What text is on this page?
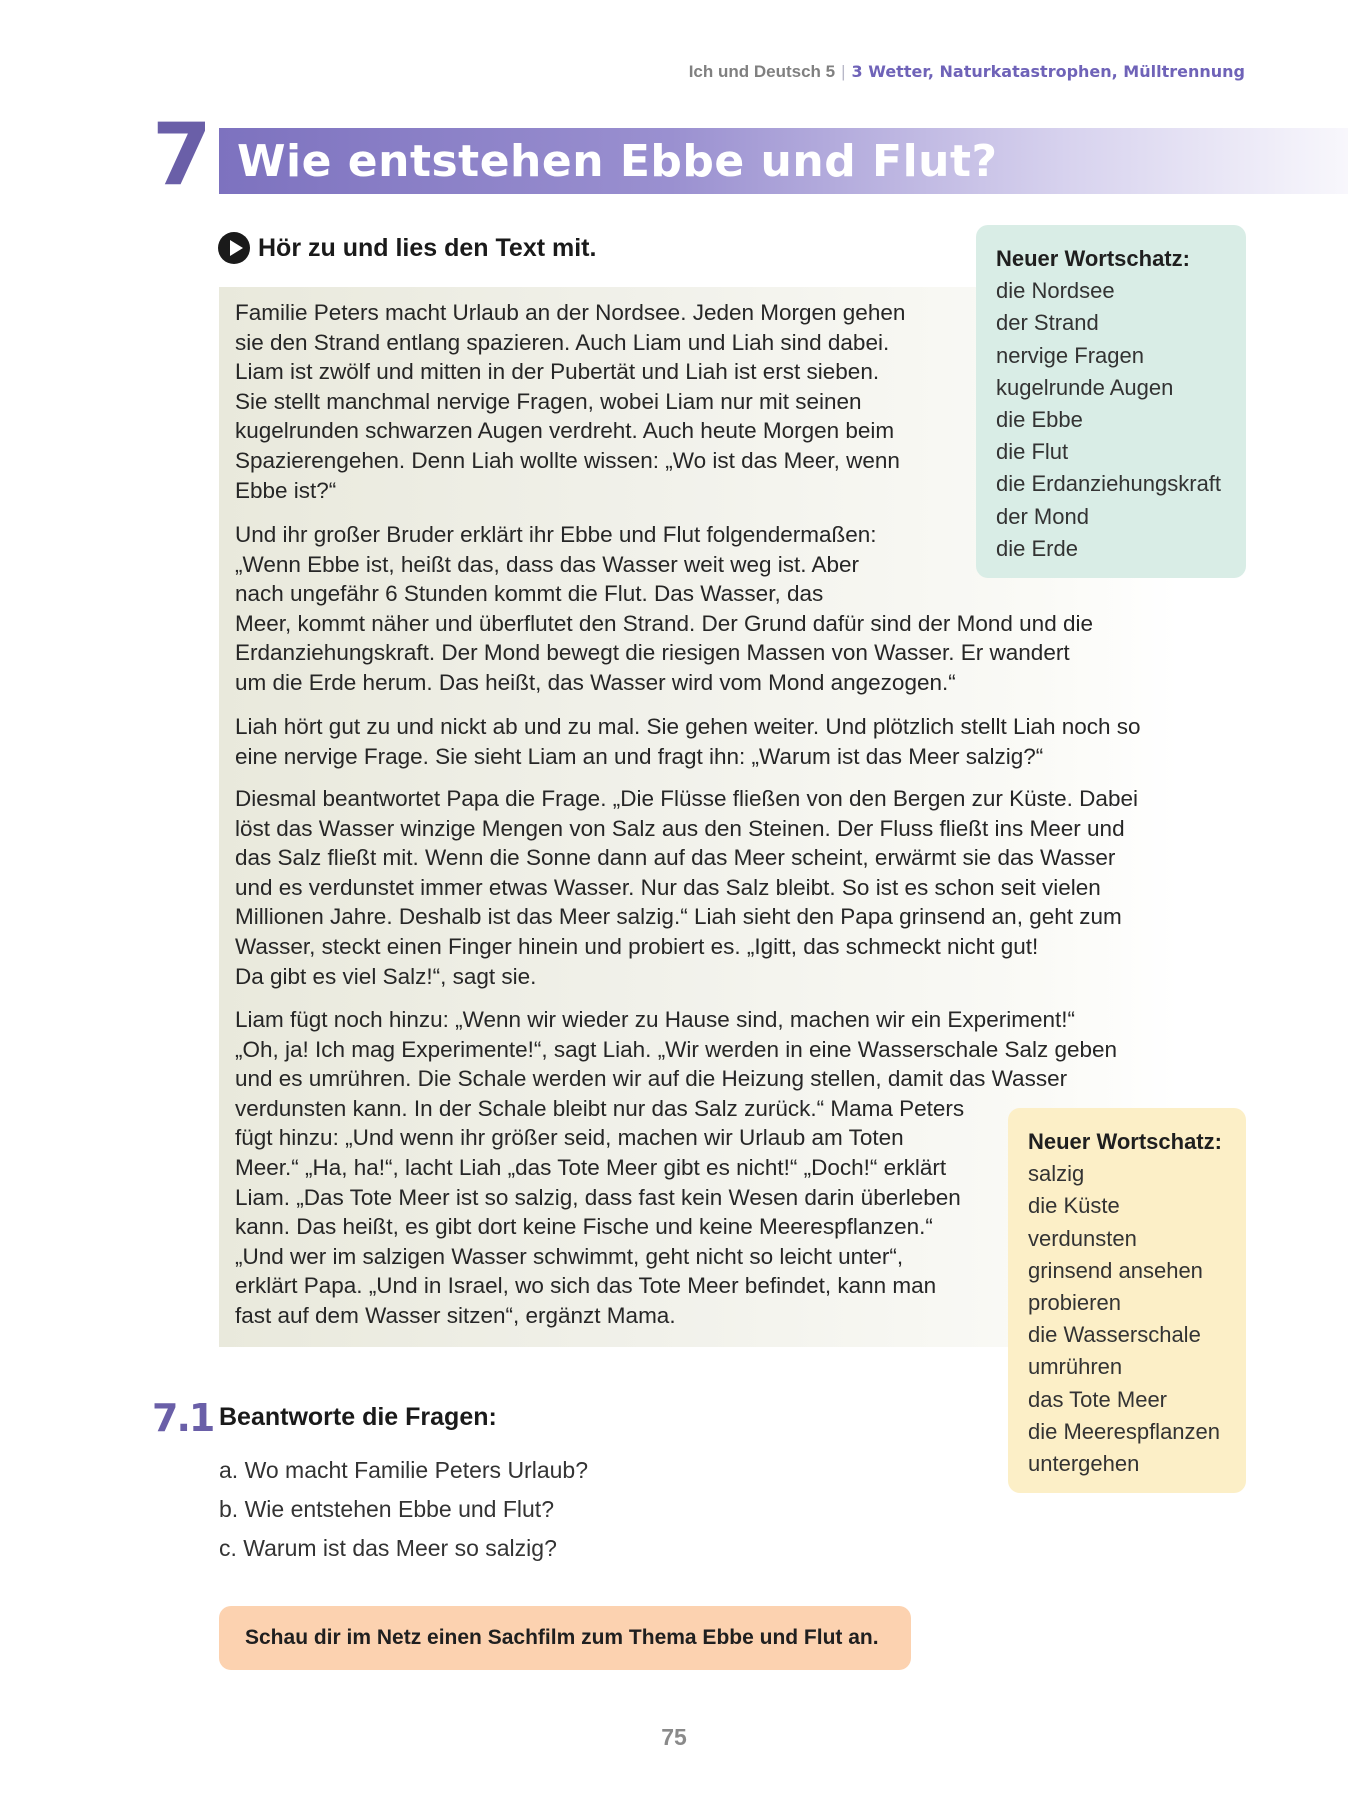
Ich und Deutsch 5 | 3 Wetter, Naturkatastrophen, Mülltrennung
7 Wie entstehen Ebbe und Flut?
Hör zu und lies den Text mit.
Familie Peters macht Urlaub an der Nordsee. Jeden Morgen gehen
sie den Strand entlang spazieren. Auch Liam und Liah sind dabei.
Liam ist zwölf und mitten in der Pubertät und Liah ist erst sieben.
Sie stellt manchmal nervige Fragen, wobei Liam nur mit seinen
kugelrunden schwarzen Augen verdreht. Auch heute Morgen beim
Spazierengehen. Denn Liah wollte wissen: „Wo ist das Meer, wenn
Ebbe ist?“
Und ihr großer Bruder erklärt ihr Ebbe und Flut folgendermaßen:
„Wenn Ebbe ist, heißt das, dass das Wasser weit weg ist. Aber
nach ungefähr 6 Stunden kommt die Flut. Das Wasser, das
Meer, kommt näher und überflutet den Strand. Der Grund dafür sind der Mond und die
Erdanziehungskraft. Der Mond bewegt die riesigen Massen von Wasser. Er wandert
um die Erde herum. Das heißt, das Wasser wird vom Mond angezogen.“
Liah hört gut zu und nickt ab und zu mal. Sie gehen weiter. Und plötzlich stellt Liah noch so
eine nervige Frage. Sie sieht Liam an und fragt ihn: „Warum ist das Meer salzig?“
Diesmal beantwortet Papa die Frage. „Die Flüsse fließen von den Bergen zur Küste. Dabei
löst das Wasser winzige Mengen von Salz aus den Steinen. Der Fluss fließt ins Meer und
das Salz fließt mit. Wenn die Sonne dann auf das Meer scheint, erwärmt sie das Wasser
und es verdunstet immer etwas Wasser. Nur das Salz bleibt. So ist es schon seit vielen
Millionen Jahre. Deshalb ist das Meer salzig.“ Liah sieht den Papa grinsend an, geht zum
Wasser, steckt einen Finger hinein und probiert es. „Igitt, das schmeckt nicht gut!
Da gibt es viel Salz!“, sagt sie.
Liam fügt noch hinzu: „Wenn wir wieder zu Hause sind, machen wir ein Experiment!“
„Oh, ja! Ich mag Experimente!“, sagt Liah. „Wir werden in eine Wasserschale Salz geben
und es umrühren. Die Schale werden wir auf die Heizung stellen, damit das Wasser
verdunsten kann. In der Schale bleibt nur das Salz zurück.“ Mama Peters
fügt hinzu: „Und wenn ihr größer seid, machen wir Urlaub am Toten
Meer.“ „Ha, ha!“, lacht Liah „das Tote Meer gibt es nicht!“ „Doch!“ erklärt
Liam. „Das Tote Meer ist so salzig, dass fast kein Wesen darin überleben
kann. Das heißt, es gibt dort keine Fische und keine Meerespflanzen.“
„Und wer im salzigen Wasser schwimmt, geht nicht so leicht unter“,
erklärt Papa. „Und in Israel, wo sich das Tote Meer befindet, kann man
fast auf dem Wasser sitzen“, ergänzt Mama.
Neuer Wortschatz:
die Nordsee
der Strand
nervige Fragen
kugelrunde Augen
die Ebbe
die Flut
die Erdanziehungskraft
der Mond
die Erde
Neuer Wortschatz:
salzig
die Küste
verdunsten
grinsend ansehen
probieren
die Wasserschale
umrühren
das Tote Meer
die Meerespflanzen
untergehen
7.1 Beantworte die Fragen:
a. Wo macht Familie Peters Urlaub?
b. Wie entstehen Ebbe und Flut?
c. Warum ist das Meer so salzig?
Schau dir im Netz einen Sachfilm zum Thema Ebbe und Flut an.
75
